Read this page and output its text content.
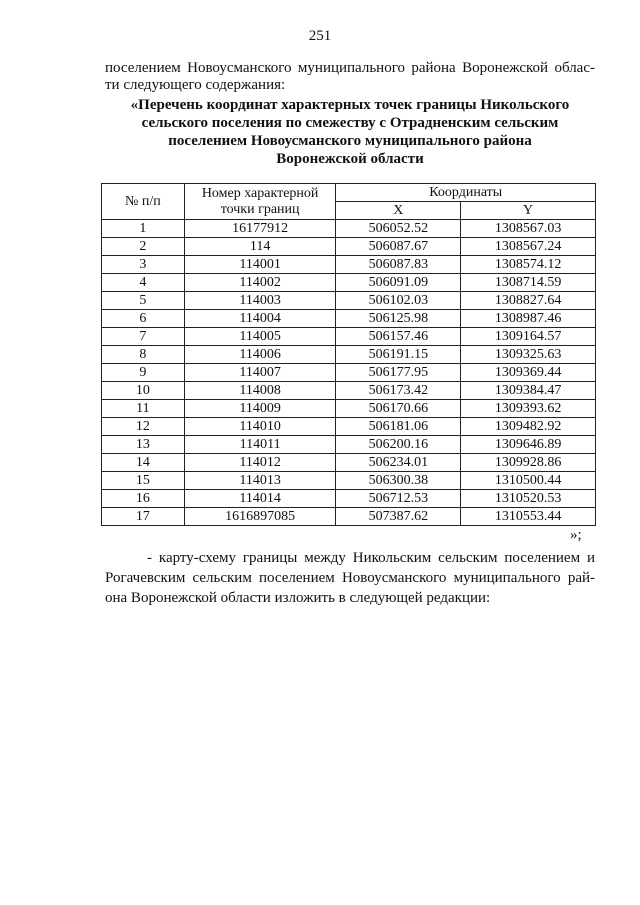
251
поселением Новоусманского муниципального района Воронежской облас-
ти следующего содержания:
«Перечень координат характерных точек границы Никольского
сельского поселения по смежеству с Отрадненским сельским
поселением Новоусманского муниципального района
Воронежской области
№ п/п	Номер характерной точки границ	Координаты	
		X	Y
1	16177912	506052.52	1308567.03
2	114	506087.67	1308567.24
3	114001	506087.83	1308574.12
4	114002	506091.09	1308714.59
5	114003	506102.03	1308827.64
6	114004	506125.98	1308987.46
7	114005	506157.46	1309164.57
8	114006	506191.15	1309325.63
9	114007	506177.95	1309369.44
10	114008	506173.42	1309384.47
11	114009	506170.66	1309393.62
12	114010	506181.06	1309482.92
13	114011	506200.16	1309646.89
14	114012	506234.01	1309928.86
15	114013	506300.38	1310500.44
16	114014	506712.53	1310520.53
17	1616897085	507387.62	1310553.44
»;
- карту-схему границы между Никольским сельским поселением и
Рогачевским сельским поселением Новоусманского муниципального рай-
она Воронежской области изложить в следующей редакции:
